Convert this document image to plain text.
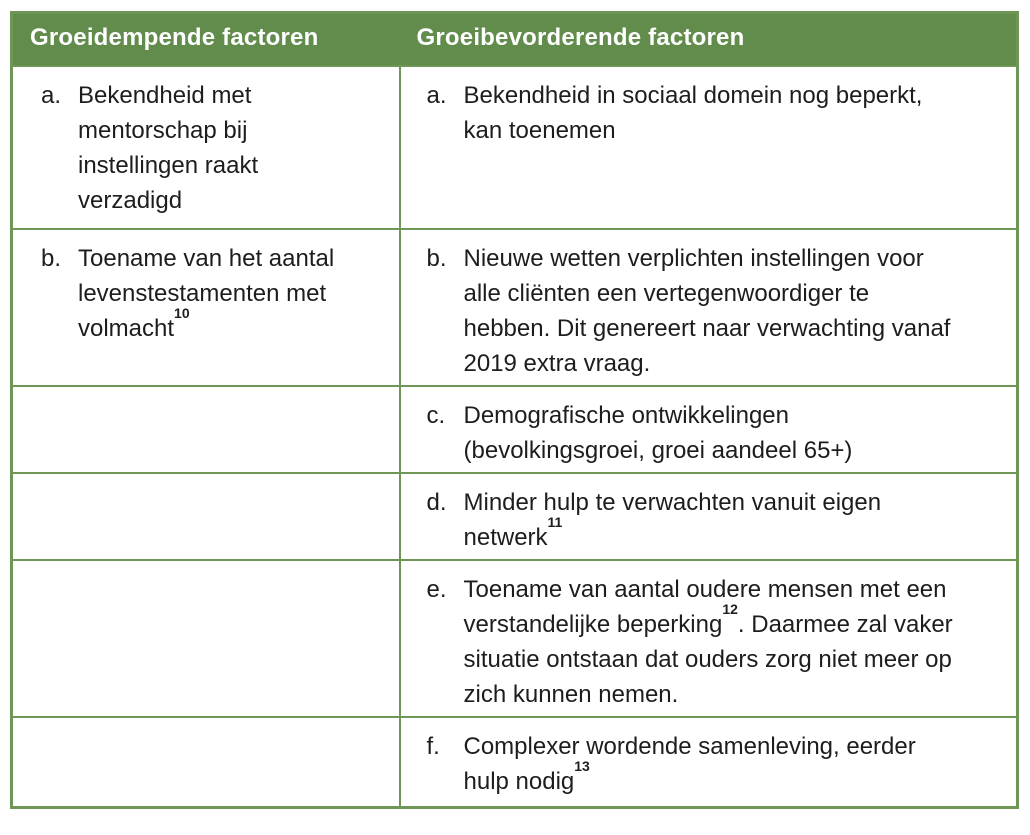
Groeidempende factoren	Groeibevorderende factoren

a. Bekendheid met mentorschap bij instellingen raakt verzadigd	a. Bekendheid in sociaal domein nog beperkt, kan toenemen

b. Toename van het aantal levenstestamenten met volmacht$^{10}$	b. Nieuwe wetten verplichten instellingen voor alle cliënten een vertegenwoordiger te hebben. Dit genereert naar verwachting vanaf 2019 extra vraag.

	c. Demografische ontwikkelingen (bevolkingsgroei, groei aandeel 65+)

	d. Minder hulp te verwachten vanuit eigen netwerk$^{11}$

	e. Toename van aantal oudere mensen met een verstandelijke beperking$^{12}$. Daarmee zal vaker situatie ontstaan dat ouders zorg niet meer op zich kunnen nemen.

	f. Complexer wordende samenleving, eerder hulp nodig$^{13}$
